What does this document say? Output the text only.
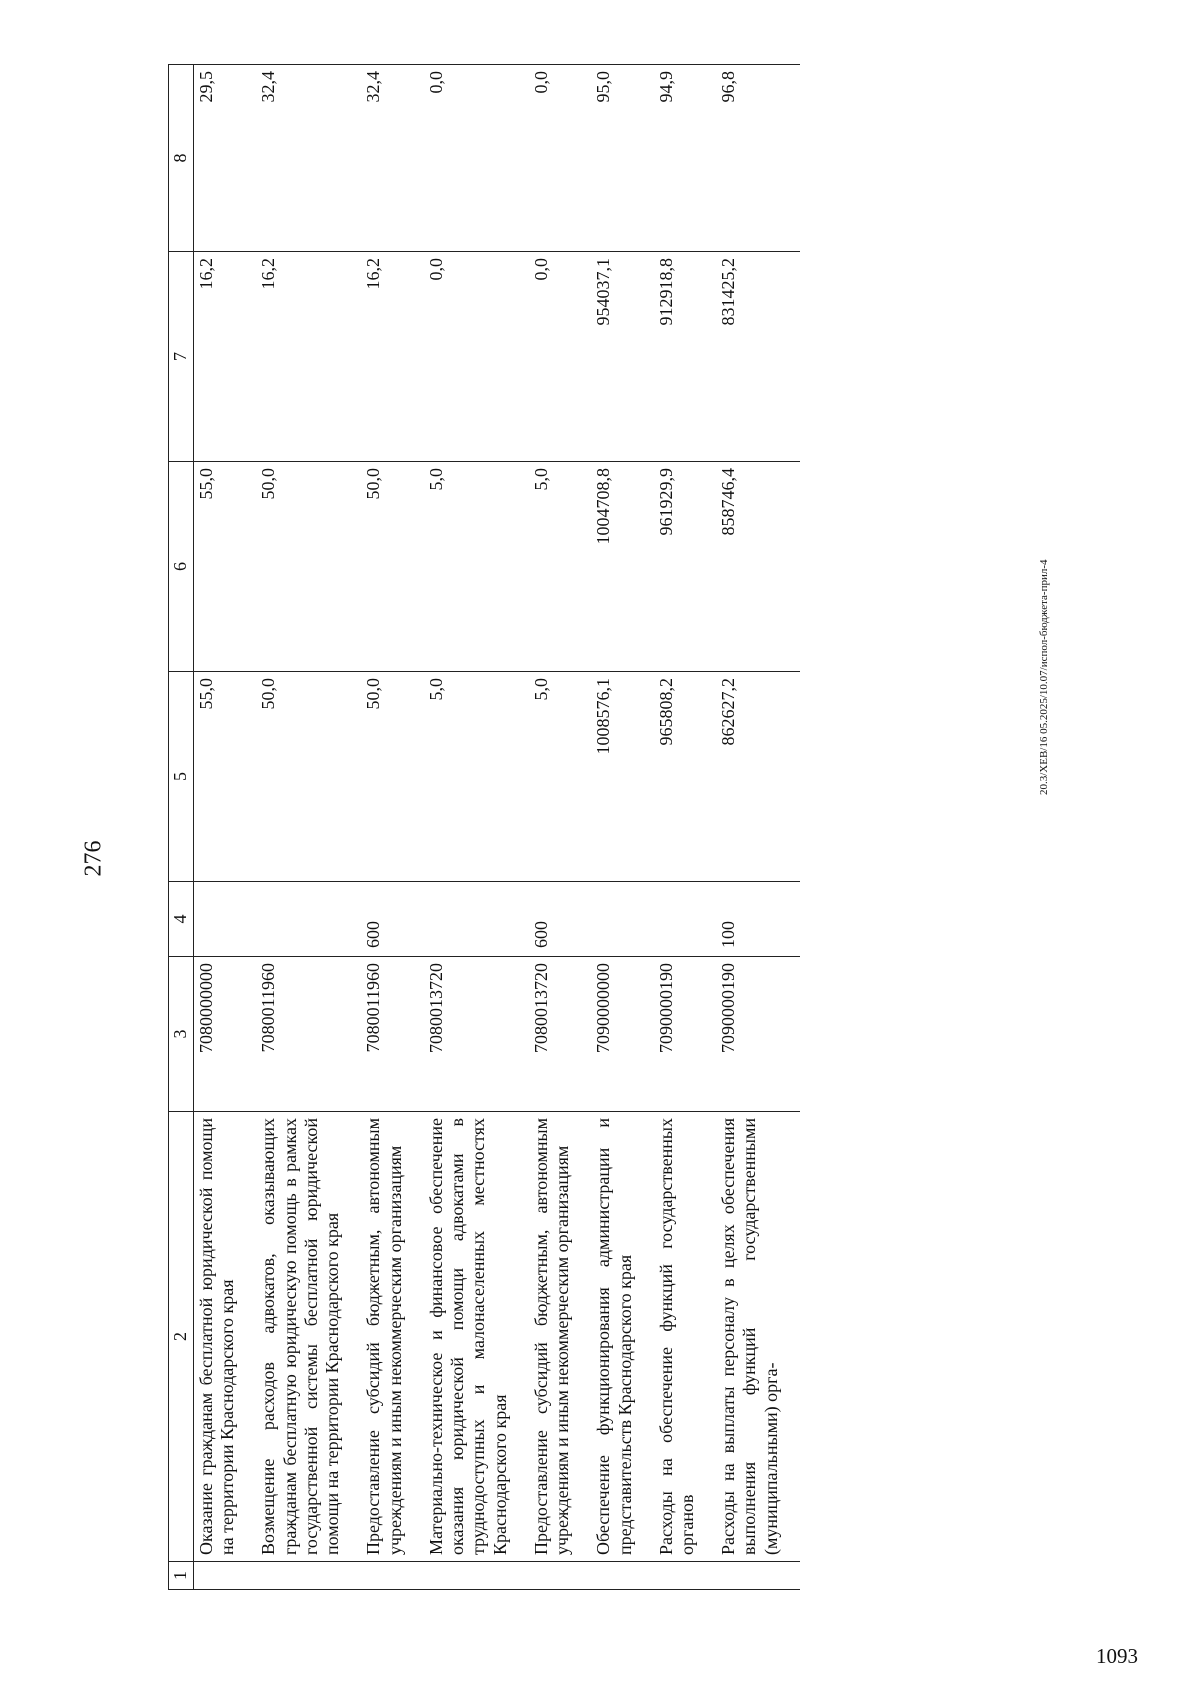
276
20.3/XEB/16 05.2025/10.07/испол-бюджета-прил-4
1093
1	2	3	4	5	6	7	8
	Оказание гражданам бесплатной юридической помощи на территории Краснодарского края	7080000000		55,0	55,0	16,2	29,5
	Возмещение расходов адвокатов, оказывающих гражданам бесплатную юридическую помощь в рамках государственной системы бесплатной юридической помощи на территории Краснодарского края	7080011960		50,0	50,0	16,2	32,4
	Предоставление субсидий бюджетным, автономным учреждениям и иным некоммерческим организациям	7080011960	600	50,0	50,0	16,2	32,4
	Материально-техническое и финансовое обеспечение оказания юридической помощи адвокатами в труднодоступных и малонаселенных местностях Краснодарского края	7080013720		5,0	5,0	0,0	0,0
	Предоставление субсидий бюджетным, автономным учреждениям и иным некоммерческим организациям	7080013720	600	5,0	5,0	0,0	0,0
	Обеспечение функционирования администрации и представительств Краснодарского края	7090000000		1008576,1	1004708,8	954037,1	95,0
	Расходы на обеспечение функций государственных органов	7090000190		965808,2	961929,9	912918,8	94,9
	Расходы на выплаты персоналу в целях обеспечения выполнения функций государственными (муниципальными) орга-	7090000190	100	862627,2	858746,4	831425,2	96,8
